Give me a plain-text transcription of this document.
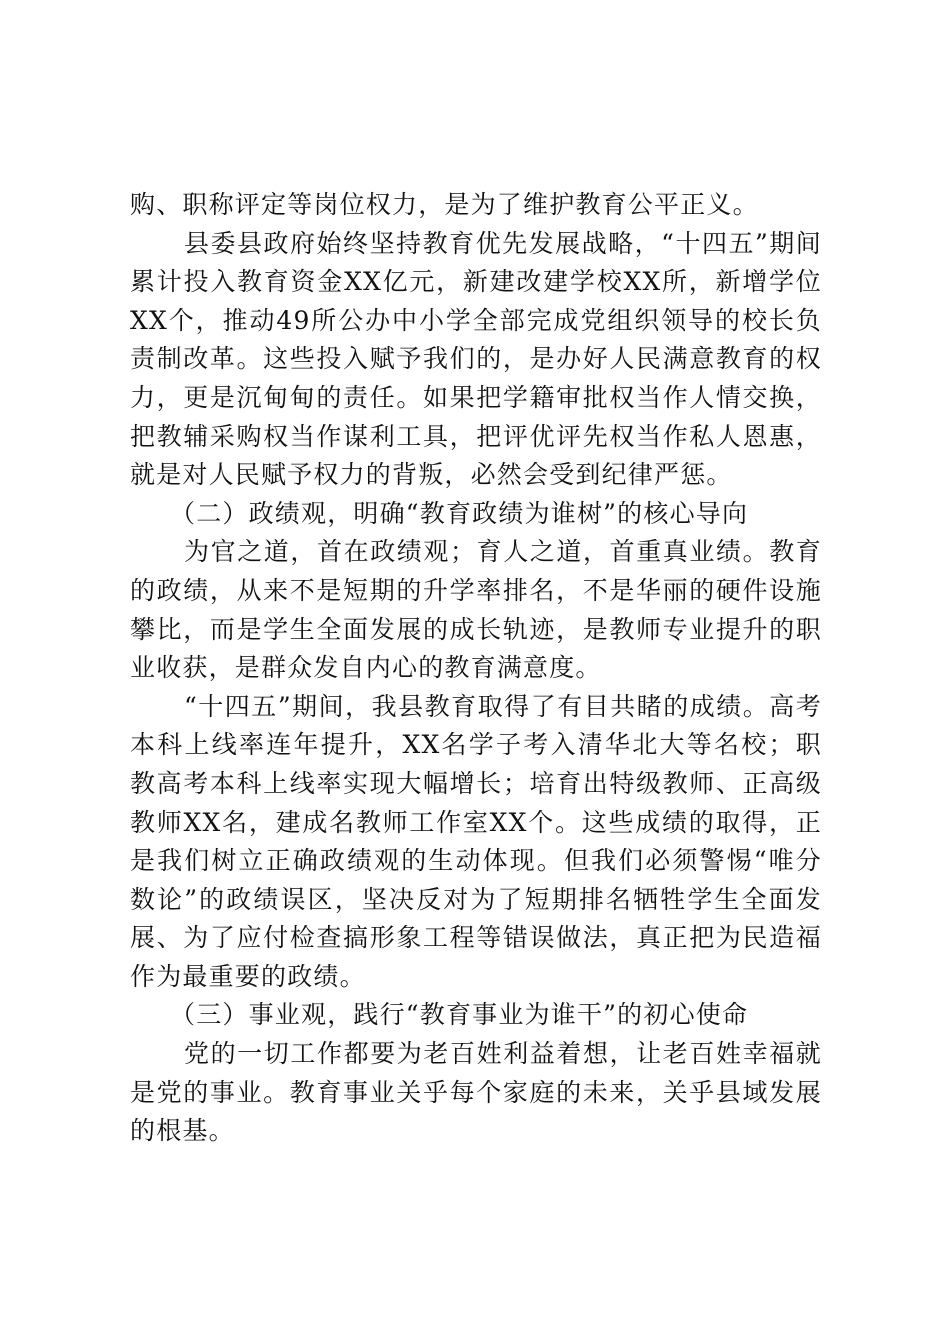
购、职称评定等岗位权力，是为了维护教育公平正义。

县委县政府始终坚持教育优先发展战略，“十四五”期间累计投入教育资金XX亿元，新建改建学校XX所，新增学位XX个，推动49所公办中小学全部完成党组织领导的校长负责制改革。这些投入赋予我们的，是办好人民满意教育的权力，更是沉甸甸的责任。如果把学籍审批权当作人情交换，把教辅采购权当作谋利工具，把评优评先权当作私人恩惠，就是对人民赋予权力的背叛，必然会受到纪律严惩。

（二）政绩观，明确“教育政绩为谁树”的核心导向

为官之道，首在政绩观；育人之道，首重真业绩。教育的政绩，从来不是短期的升学率排名，不是华丽的硬件设施攀比，而是学生全面发展的成长轨迹，是教师专业提升的职业收获，是群众发自内心的教育满意度。

“十四五”期间，我县教育取得了有目共睹的成绩。高考本科上线率连年提升，XX名学子考入清华北大等名校；职教高考本科上线率实现大幅增长；培育出特级教师、正高级教师XX名，建成名教师工作室XX个。这些成绩的取得，正是我们树立正确政绩观的生动体现。但我们必须警惕“唯分数论”的政绩误区，坚决反对为了短期排名牺牲学生全面发展、为了应付检查搞形象工程等错误做法，真正把为民造福作为最重要的政绩。

（三）事业观，践行“教育事业为谁干”的初心使命

党的一切工作都要为老百姓利益着想，让老百姓幸福就是党的事业。教育事业关乎每个家庭的未来，关乎县域发展的根基。
